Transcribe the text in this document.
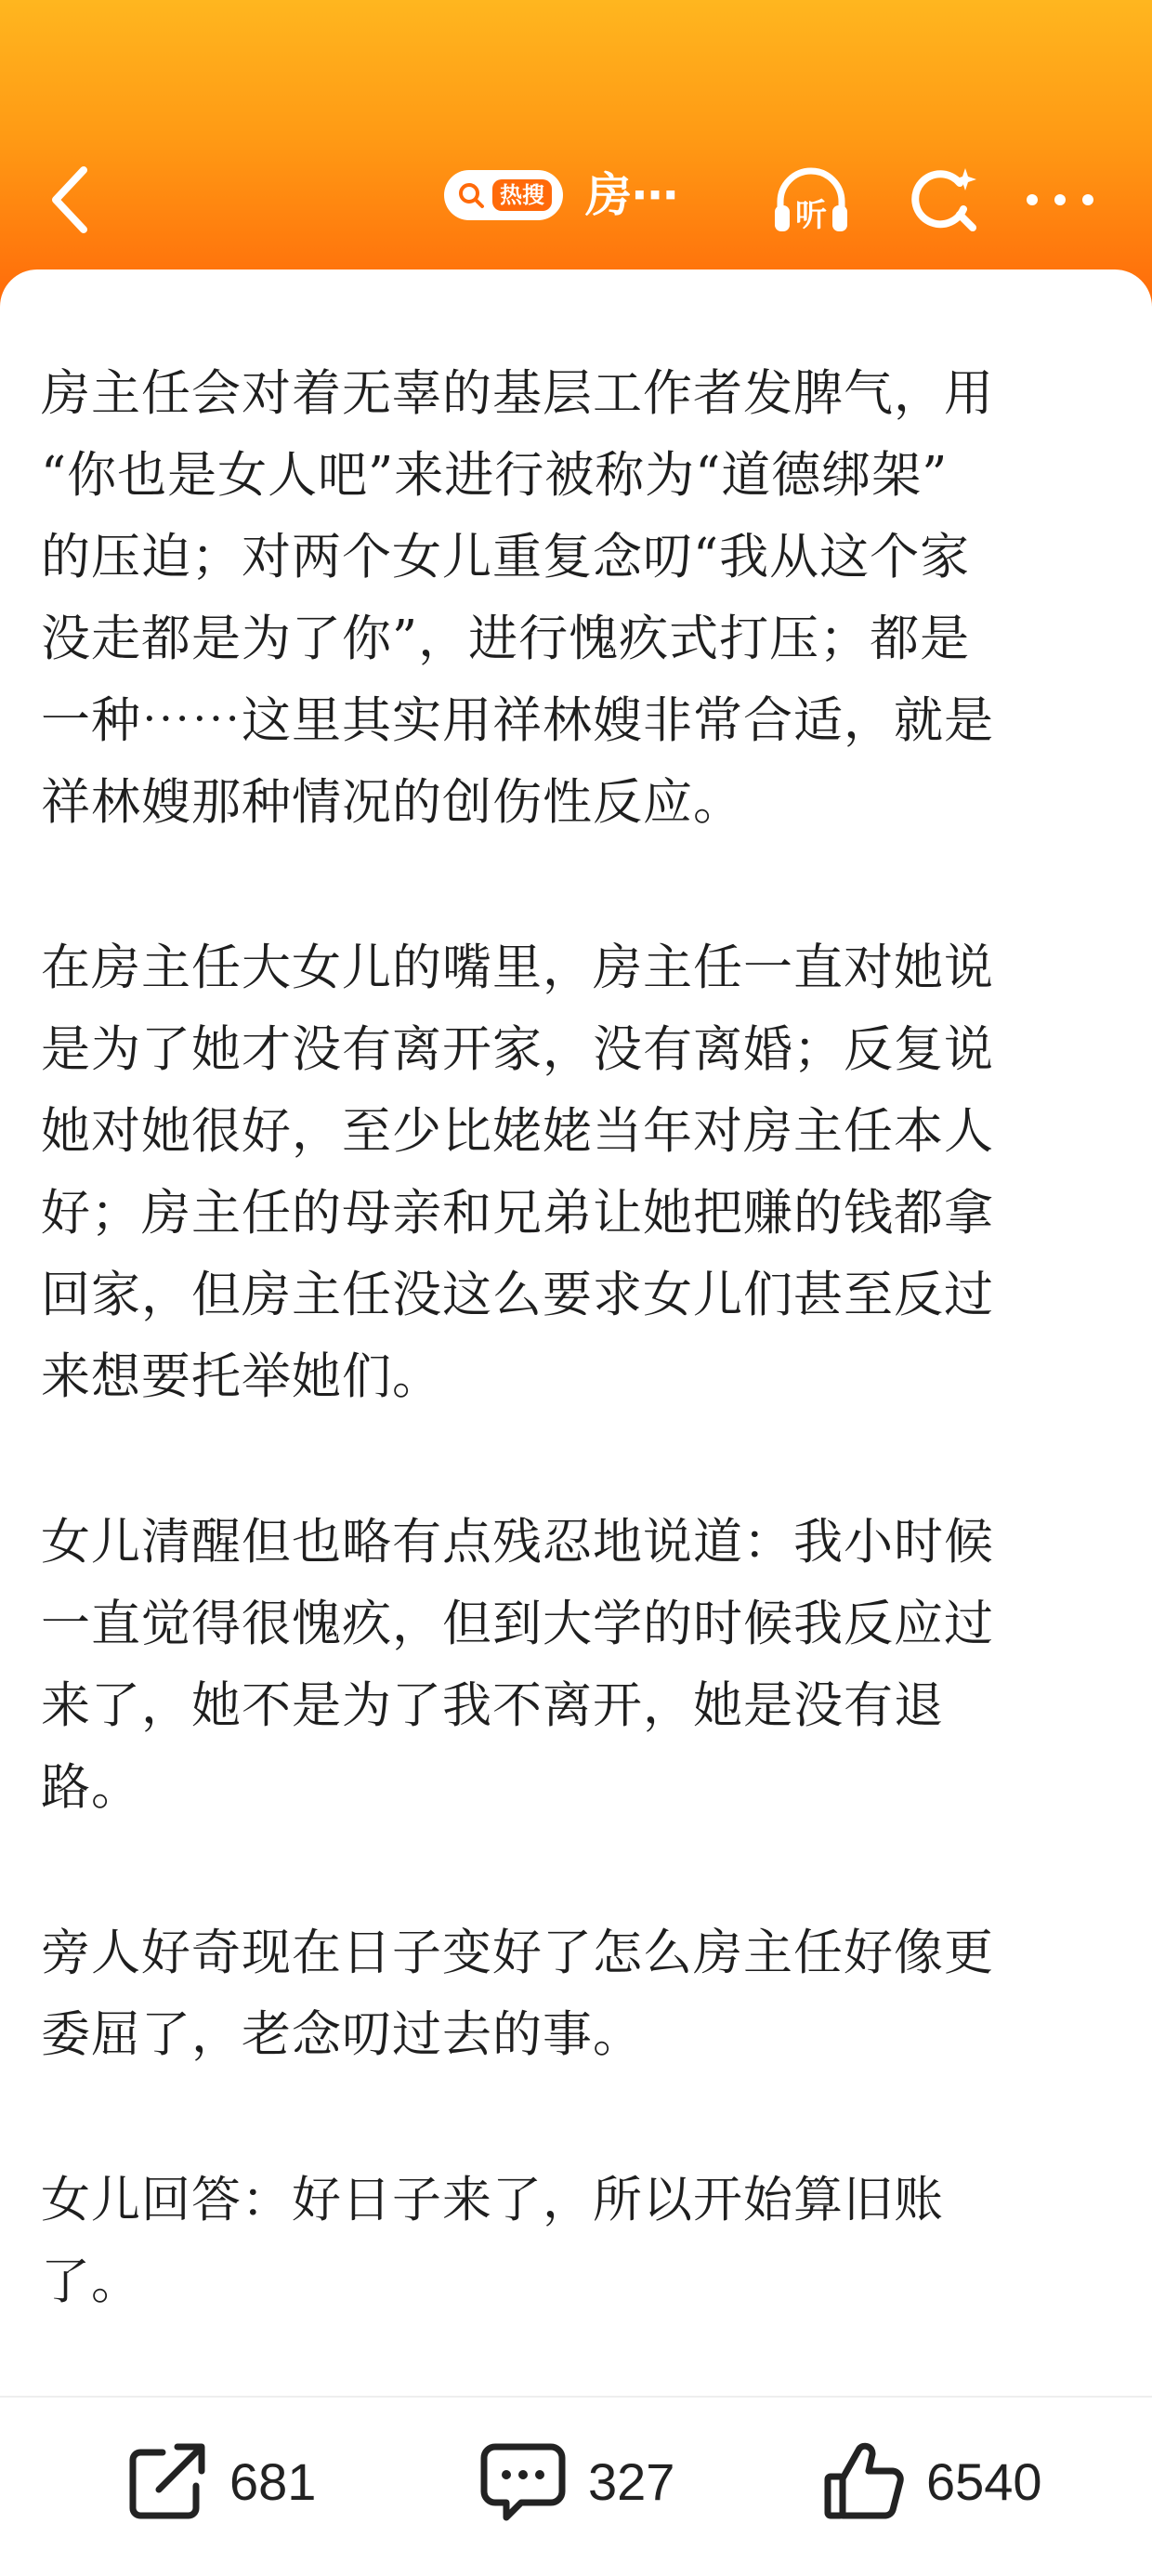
热搜 房⋯	听

房主任会对着无辜的基层工作者发脾气，用
“你也是女人吧”来进行被称为“道德绑架”
的压迫；对两个女儿重复念叨“我从这个家
没走都是为了你”，进行愧疚式打压；都是
一种⋯⋯这里其实用祥林嫂非常合适，就是
祥林嫂那种情况的创伤性反应。

在房主任大女儿的嘴里，房主任一直对她说
是为了她才没有离开家，没有离婚；反复说
她对她很好，至少比姥姥当年对房主任本人
好；房主任的母亲和兄弟让她把赚的钱都拿
回家，但房主任没这么要求女儿们甚至反过
来想要托举她们。

女儿清醒但也略有点残忍地说道：我小时候
一直觉得很愧疚，但到大学的时候我反应过
来了，她不是为了我不离开，她是没有退
路。

旁人好奇现在日子变好了怎么房主任好像更
委屈了，老念叨过去的事。

女儿回答：好日子来了，所以开始算旧账
了。

681	327	6540
